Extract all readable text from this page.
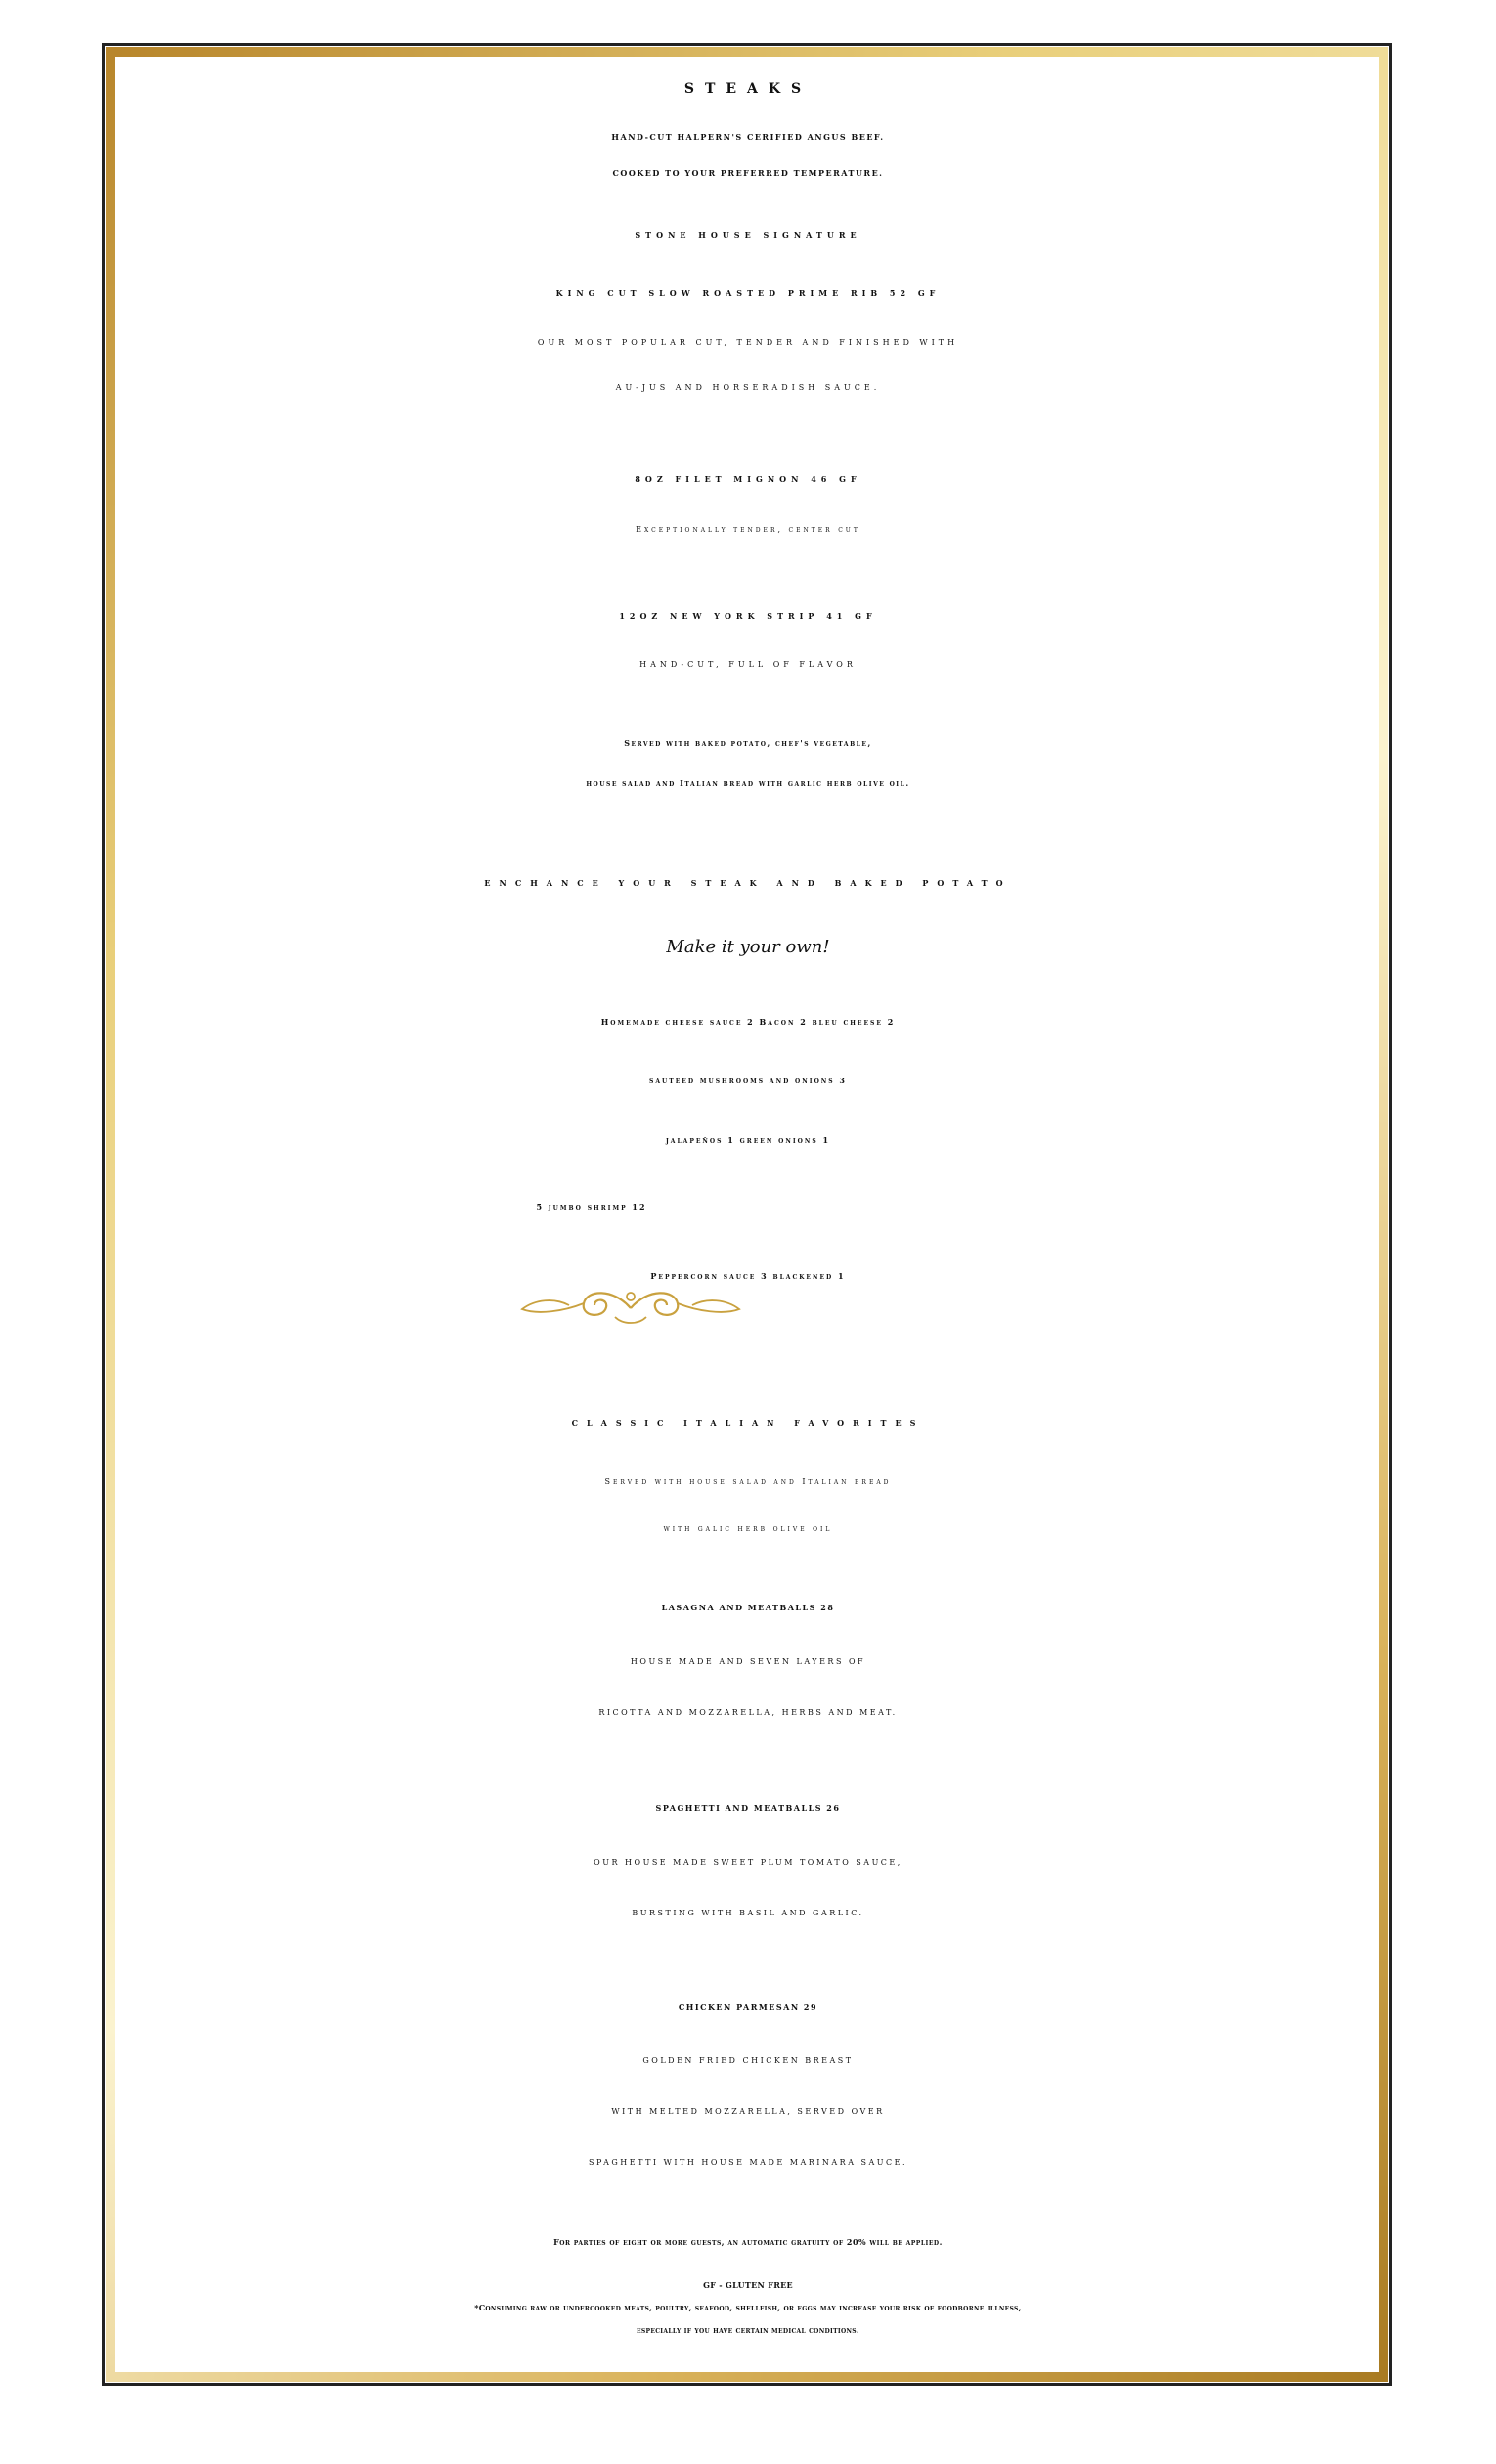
STEAKS
HAND-CUT HALPERN'S CERIFIED ANGUS BEEF.
COOKED TO YOUR PREFERRED TEMPERATURE.
STONE HOUSE SIGNATURE
KING CUT SLOW ROASTED PRIME RIB 52 GF
OUR MOST POPULAR CUT, TENDER AND FINISHED WITH
AU-JUS AND HORSERADISH SAUCE.
8OZ FILET MIGNON 46 GF
Exceptionally tender, center cut
12OZ NEW YORK STRIP 41 GF
HAND-CUT, FULL OF FLAVOR
Served with baked potato, chef's vegetable,
house salad and Italian bread with garlic herb olive oil.
ENCHANCE YOUR STEAK AND BAKED POTATO
Make it your own!
Homemade cheese sauce 2 Bacon 2 bleu cheese 2
sautéed mushrooms and onions 3
jalapeños 1 green onions 1
5 jumbo shrimp 12
Peppercorn sauce 3 blackened 1
CLASSIC ITALIAN FAVORITES
Served with house salad and Italian bread
with galic herb olive oil
LASAGNA AND MEATBALLS 28
HOUSE MADE AND SEVEN LAYERS OF
RICOTTA AND MOZZARELLA, HERBS AND MEAT.
SPAGHETTI AND MEATBALLS 26
OUR HOUSE MADE SWEET PLUM TOMATO SAUCE,
BURSTING WITH BASIL AND GARLIC.
CHICKEN PARMESAN 29
GOLDEN FRIED CHICKEN BREAST
WITH MELTED MOZZARELLA, SERVED OVER
SPAGHETTI WITH HOUSE MADE MARINARA SAUCE.
For parties of eight or more guests, an automatic gratuity of 20% will be applied.
GF - GLUTEN FREE
*Consuming raw or undercooked meats, poultry, seafood, shellfish, or eggs may increase your risk of foodborne illness,
especially if you have certain medical conditions.
